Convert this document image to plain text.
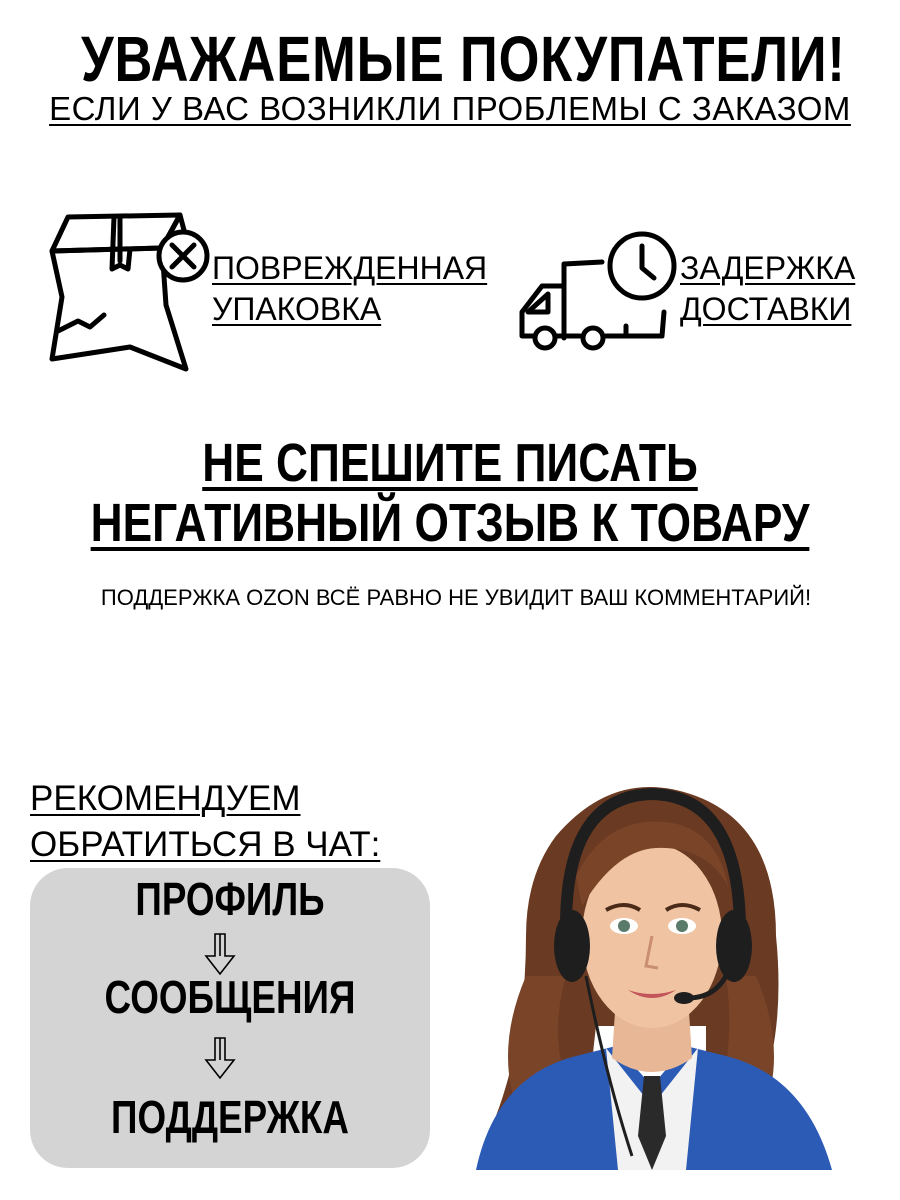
УВАЖАЕМЫЕ ПОКУПАТЕЛИ!
ЕСЛИ У ВАС ВОЗНИКЛИ ПРОБЛЕМЫ С ЗАКАЗОМ
ПОВРЕЖДЕННАЯ
УПАКОВКА
ЗАДЕРЖКА
ДОСТАВКИ
НЕ СПЕШИТЕ ПИСАТЬ
НЕГАТИВНЫЙ ОТЗЫВ К ТОВАРУ
ПОДДЕРЖКА OZON ВСЁ РАВНО НЕ УВИДИТ ВАШ КОММЕНТАРИЙ!
РЕКОМЕНДУЕМ
ОБРАТИТЬСЯ В ЧАТ:
ПРОФИЛЬ
СООБЩЕНИЯ
ПОДДЕРЖКА
